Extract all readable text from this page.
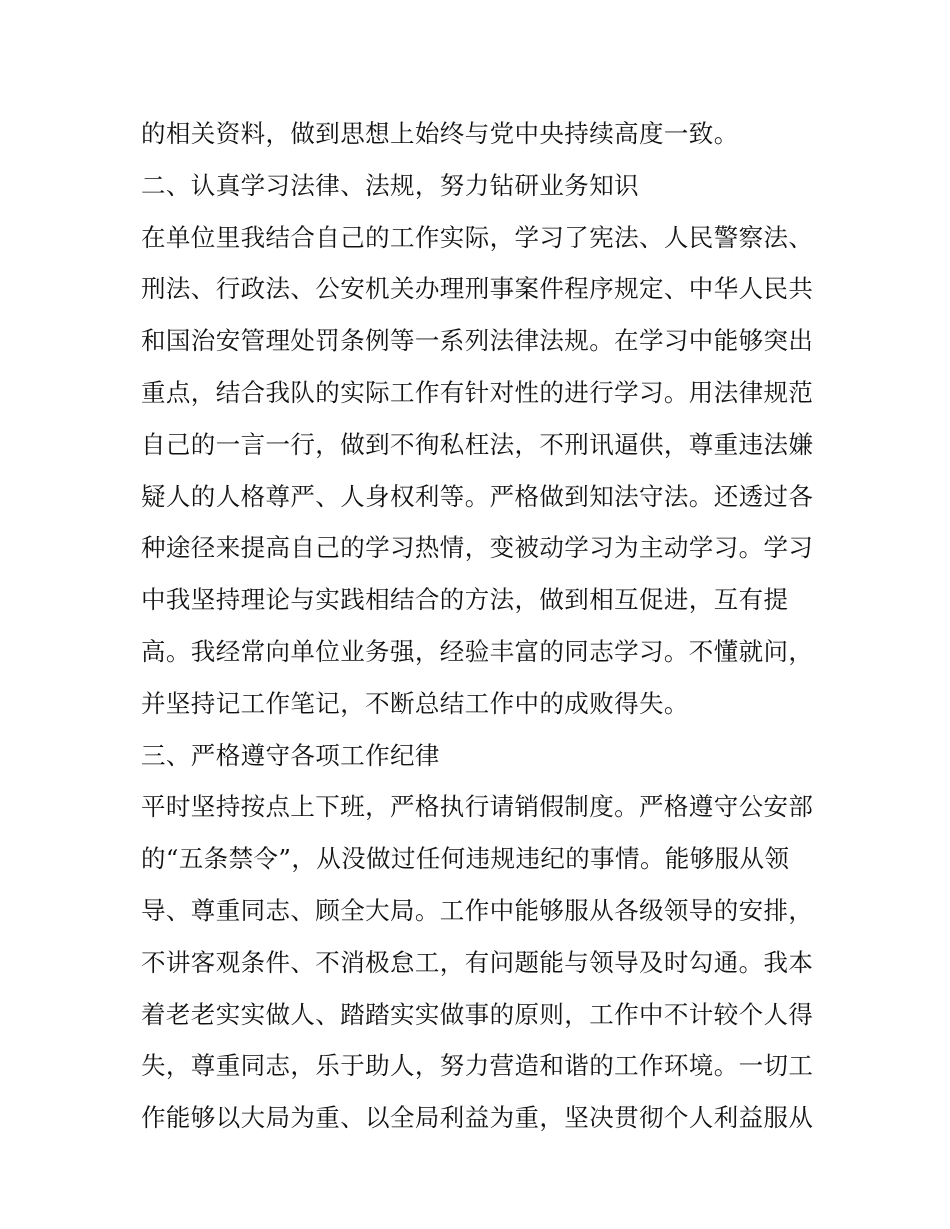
的相关资料，做到思想上始终与党中央持续高度一致。
二、认真学习法律、法规，努力钻研业务知识
在单位里我结合自己的工作实际，学习了宪法、人民警察法、
刑法、行政法、公安机关办理刑事案件程序规定、中华人民共
和国治安管理处罚条例等一系列法律法规。在学习中能够突出
重点，结合我队的实际工作有针对性的进行学习。用法律规范
自己的一言一行，做到不徇私枉法，不刑讯逼供，尊重违法嫌
疑人的人格尊严、人身权利等。严格做到知法守法。还透过各
种途径来提高自己的学习热情，变被动学习为主动学习。学习
中我坚持理论与实践相结合的方法，做到相互促进，互有提
高。我经常向单位业务强，经验丰富的同志学习。不懂就问，
并坚持记工作笔记，不断总结工作中的成败得失。
三、严格遵守各项工作纪律
平时坚持按点上下班，严格执行请销假制度。严格遵守公安部
的“五条禁令”，从没做过任何违规违纪的事情。能够服从领
导、尊重同志、顾全大局。工作中能够服从各级领导的安排，
不讲客观条件、不消极怠工，有问题能与领导及时勾通。我本
着老老实实做人、踏踏实实做事的原则，工作中不计较个人得
失，尊重同志，乐于助人，努力营造和谐的工作环境。一切工
作能够以大局为重、以全局利益为重，坚决贯彻个人利益服从
